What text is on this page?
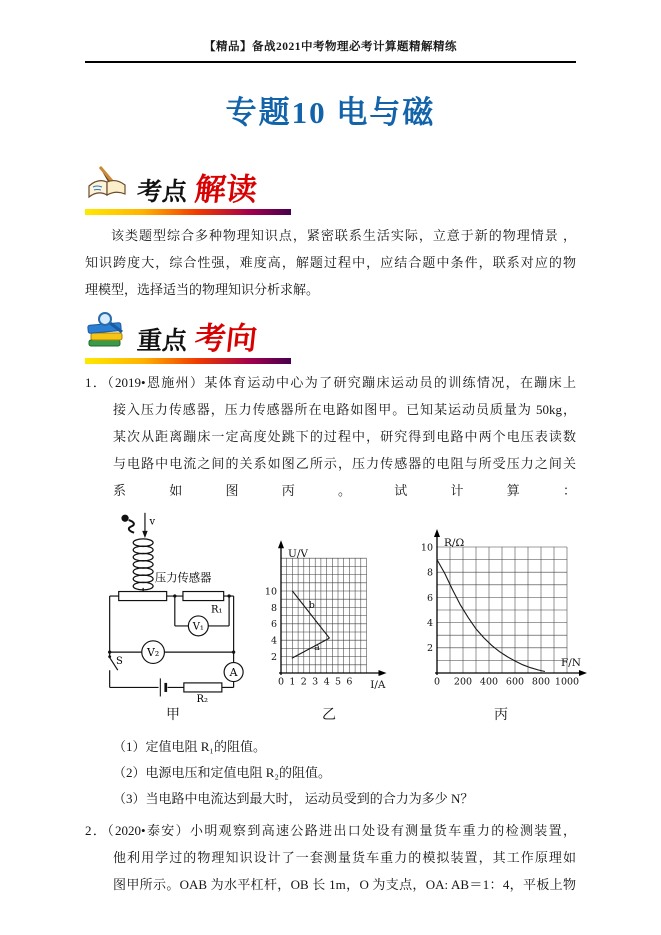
【精品】备战2021中考物理必考计算题精解精练
专题10 电与磁
考点 解读
该类题型综合多种物理知识点，紧密联系生活实际，立意于新的物理情景 ，
知识跨度大，综合性强，难度高，解题过程中，应结合题中条件，联系对应的物
理模型，选择适当的物理知识分析求解。
重点 考向
1．（2019•恩施州）某体育运动中心为了研究蹦床运动员的训练情况，在蹦床上
接入压力传感器，压力传感器所在电路如图甲。已知某运动员质量为 50kg，
某次从距离蹦床一定高度处跳下的过程中，研究得到电路中两个电压表读数
与电路中电流之间的关系如图乙所示，压力传感器的电阻与所受压力之间关
系 如 图 丙 。 试 计 算 ：
v
压力传感器
V₁
V₂
A
S
R₁
R₂
甲
0 1 2 3 4 5 6
2
4
6
8
10
U/V
I/A
b
a
乙
0 200 400 600 800 1000
2
4
6
8
10 R/Ω
F/N
丙
（1）定值电阻 R₁的阻值。
（2）电源电压和定值电阻 R₂的阻值。
（3）当电路中电流达到最大时， 运动员受到的合力为多少 N？
2．（2020•泰安）小明观察到高速公路进出口处设有测量货车重力的检测装置，
他利用学过的物理知识设计了一套测量货车重力的模拟装置，其工作原理如
图甲所示。OAB 为水平杠杆，OB 长 1m，O 为支点，OA: AB＝1：4，平板上物
